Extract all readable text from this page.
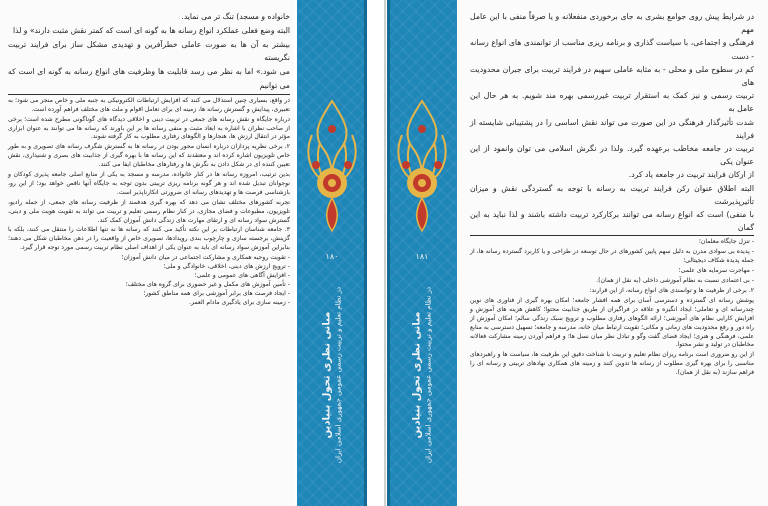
خانواده و مسجد) تنگ تر می نماید.
البته وضع فعلی عملکرد انواع رسانه ها به گونه ای است که کمتر نقش مثبت دارند» و لذا
بیشتر به آن ها به صورت عاملی خطرآفرین و تهدیدی مشکل ساز برای فرایند تربیت نگریسته
می شود.» اما به نظر می رسد قابلیت ها وظرفیت های انواع رسانه به گونه ای است که می توانیم

در واقع، بسیاری چنین استدلال می کنند که افزایش ارتباطات الکترونیکی به جنبه ملی و خاص منجر می شود؛ به تعبیری، پیدایش و گسترش رسانه ها، زمینه ای برای تعامل اقوام و ملت های مختلف فراهم آورده است.

درباره جایگاه و نقش رسانه های جمعی در تربیت دینی و اخلاقی دیدگاه های گوناگونی مطرح شده است؛ برخی از صاحب نظران با اشاره به ابعاد مثبت و منفی رسانه ها بر این باورند که رسانه ها می توانند به عنوان ابزاری مؤثر در انتقال ارزش ها، هنجارها و الگوهای رفتاری مطلوب به کار گرفته شوند.

۲. برخی نظریه پردازان درباره انسان محور بودن در رسانه ها به گسترش شگرف رسانه های تصویری و به طور خاص تلویزیون اشاره کرده اند و معتقدند که این رسانه ها با بهره گیری از جذابیت های بصری و شنیداری، نقش تعیین کننده ای در شکل دادن به نگرش ها و رفتارهای مخاطبان ایفا می کنند.

بدین ترتیب، امروزه رسانه ها در کنار خانواده، مدرسه و مسجد به یکی از منابع اصلی جامعه پذیری کودکان و نوجوانان تبدیل شده اند و هر گونه برنامه ریزی تربیتی بدون توجه به جایگاه آنها ناقص خواهد بود؛ از این رو، بازشناسی فرصت ها و تهدیدهای رسانه ای ضرورتی انکارناپذیر است.

تجربه کشورهای مختلف نشان می دهد که بهره گیری هدفمند از ظرفیت رسانه های جمعی، از جمله رادیو، تلویزیون، مطبوعات و فضای مجازی، در کنار نظام رسمی تعلیم و تربیت می تواند به تقویت هویت ملی و دینی، گسترش سواد رسانه ای و ارتقای مهارت های زندگی دانش آموزان کمک کند.

۳. جامعه شناسان ارتباطات بر این نکته تأکید می کنند که رسانه ها نه تنها اطلاعات را منتقل می کنند، بلکه با گزینش، برجسته سازی و چارچوب بندی رویدادها، تصویری خاص از واقعیت را در ذهن مخاطبان شکل می دهند؛ بنابراین آموزش سواد رسانه ای باید به عنوان یکی از اهداف اصلی نظام تربیت رسمی مورد توجه قرار گیرد.

- تقویت روحیه همکاری و مشارکت اجتماعی در میان دانش آموزان؛

- ترویج ارزش های دینی، اخلاقی، خانوادگی و ملی؛

- افزایش آگاهی های عمومی و علمی؛

- تأمین آموزش های مکمل و غیر حضوری برای گروه های مختلف؛

- ایجاد فرصت های برابر آموزشی برای همه مناطق کشور؛

- زمینه سازی برای یادگیری مادام العمر.

۱۸۰
مبانی نظری تحول بنیادین در نظام تعلیم و تربیت رسمی عمومی جمهوری اسلامی ایران
۱۸۱
مبانی نظری تحول بنیادین در نظام تعلیم و تربیت رسمی عمومی جمهوری اسلامی ایران
در شرایط پیش روی جوامع بشری به جای برخوردی منفعلانه و یا صرفاً منفی با این عامل مهم
فرهنگی و اجتماعی، با سیاست گذاری و برنامه ریزی مناسب از توانمندی های انواع رسانه - دست
کم در سطوح ملی و محلی - به مثابه عاملی سهیم در فرایند تربیت برای جبران محدودیت های
تربیت رسمی و نیز کمک به استقرار تربیت غیررسمی بهره مند شویم. به هر حال این عامل به
شدت تأثیرگذار فرهنگی در این صورت می تواند نقش اساسی را در پشتیبانی شایسته از فرایند
تربیت در جامعه مخاطب برعهده گیرد. ولذا در نگرش اسلامی می توان وانمود از این عنوان یکی
از ارکان فرایند تربیت در جامعه یاد کرد.
البته اطلاق عنوان رکن فرایند تربیت به رسانه با توجه به گستردگی نقش و میزان تأثیرپذیرشت
با منفی) است که انواع رسانه می توانند برکارکرد تربیت داشته باشند و لذا نباید به این گمان

- تنزل جایگاه معلمان؛

- پدیده بی سوادی مدرن به دلیل سهم پایین کشورهای در حال توسعه در طراحی و یا کاربرد گسترده رسانه ها، از جمله پدیده شکاف دیجیتالی؛

- مهاجرت سرمایه های علمی؛

- بی اعتمادی نسبت به نظام آموزشی داخلی (به نقل از همان).

۲. برخی از ظرفیت ها و توانمندی های انواع رسانه، از این قرارند:

پوشش رسانه ای گسترده و دسترسی آسان برای همه اقشار جامعه؛ امکان بهره گیری از فناوری های نوین چندرسانه ای و تعاملی؛ ایجاد انگیزه و علاقه در فراگیران از طریق جذابیت محتوا؛ کاهش هزینه های آموزش و افزایش کارایی نظام های آموزشی؛ ارائه الگوهای رفتاری مطلوب و ترویج سبک زندگی سالم؛ امکان آموزش از راه دور و رفع محدودیت های زمانی و مکانی؛ تقویت ارتباط میان خانه، مدرسه و جامعه؛ تسهیل دسترسی به منابع علمی، فرهنگی و هنری؛ ایجاد فضای گفت وگو و تبادل نظر میان نسل ها؛ و فراهم آوردن زمینه مشارکت فعالانه مخاطبان در تولید و نشر محتوا.

از این رو ضروری است برنامه ریزان نظام تعلیم و تربیت با شناخت دقیق این ظرفیت ها، سیاست ها و راهبردهای مناسبی را برای بهره گیری مطلوب از رسانه ها تدوین کنند و زمینه های همکاری نهادهای تربیتی و رسانه ای را فراهم سازند (به نقل از همان).
